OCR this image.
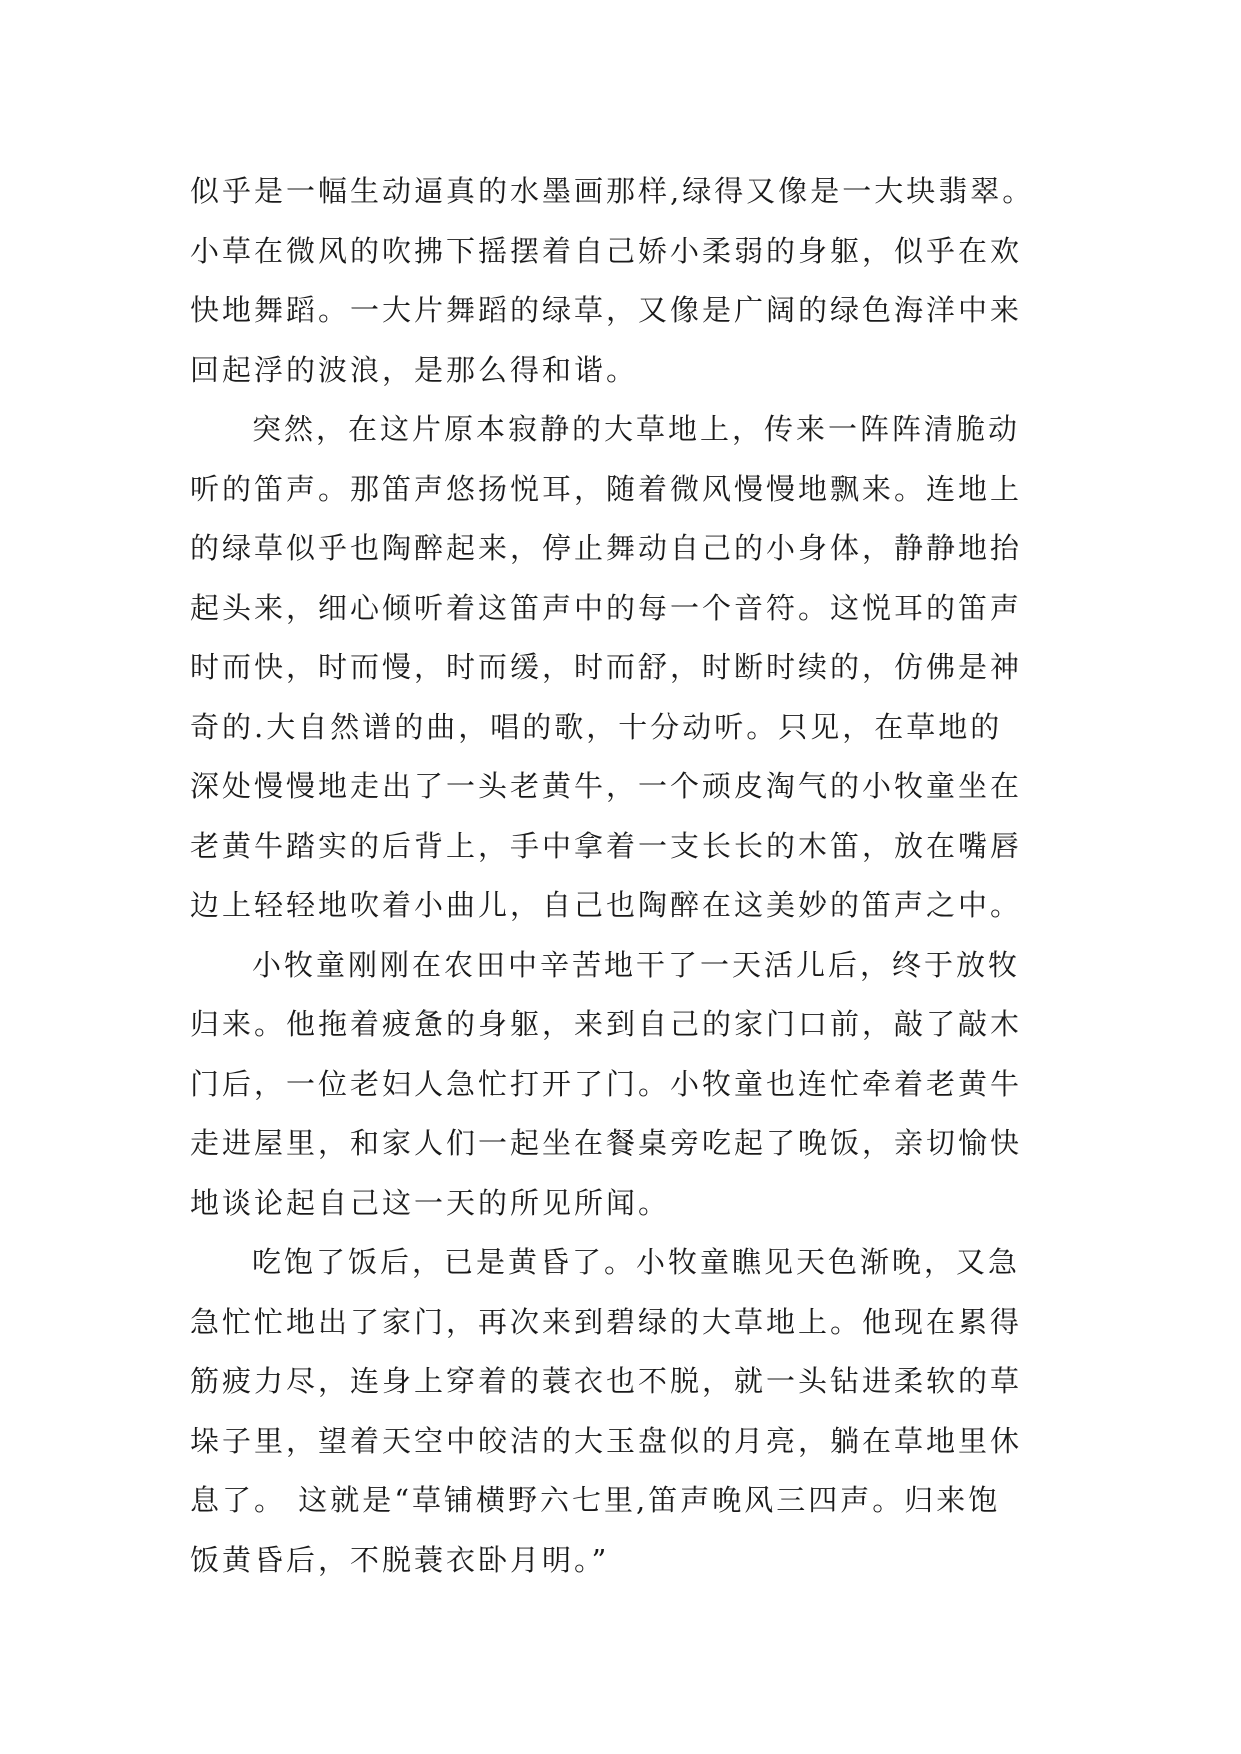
似乎是一幅生动逼真的水墨画那样,绿得又像是一大块翡翠。
小草在微风的吹拂下摇摆着自己娇小柔弱的身躯，似乎在欢
快地舞蹈。一大片舞蹈的绿草，又像是广阔的绿色海洋中来
回起浮的波浪，是那么得和谐。
突然，在这片原本寂静的大草地上，传来一阵阵清脆动
听的笛声。那笛声悠扬悦耳，随着微风慢慢地飘来。连地上
的绿草似乎也陶醉起来，停止舞动自己的小身体，静静地抬
起头来，细心倾听着这笛声中的每一个音符。这悦耳的笛声
时而快，时而慢，时而缓，时而舒，时断时续的，仿佛是神
奇的.大自然谱的曲，唱的歌，十分动听。只见，在草地的
深处慢慢地走出了一头老黄牛，一个顽皮淘气的小牧童坐在
老黄牛踏实的后背上，手中拿着一支长长的木笛，放在嘴唇
边上轻轻地吹着小曲儿，自己也陶醉在这美妙的笛声之中。
小牧童刚刚在农田中辛苦地干了一天活儿后，终于放牧
归来。他拖着疲惫的身躯，来到自己的家门口前，敲了敲木
门后，一位老妇人急忙打开了门。小牧童也连忙牵着老黄牛
走进屋里，和家人们一起坐在餐桌旁吃起了晚饭，亲切愉快
地谈论起自己这一天的所见所闻。
吃饱了饭后，已是黄昏了。小牧童瞧见天色渐晚，又急
急忙忙地出了家门，再次来到碧绿的大草地上。他现在累得
筋疲力尽，连身上穿着的蓑衣也不脱，就一头钻进柔软的草
垛子里，望着天空中皎洁的大玉盘似的月亮，躺在草地里休
息了。 这就是“草铺横野六七里,笛声晚风三四声。归来饱
饭黄昏后，不脱蓑衣卧月明。”
